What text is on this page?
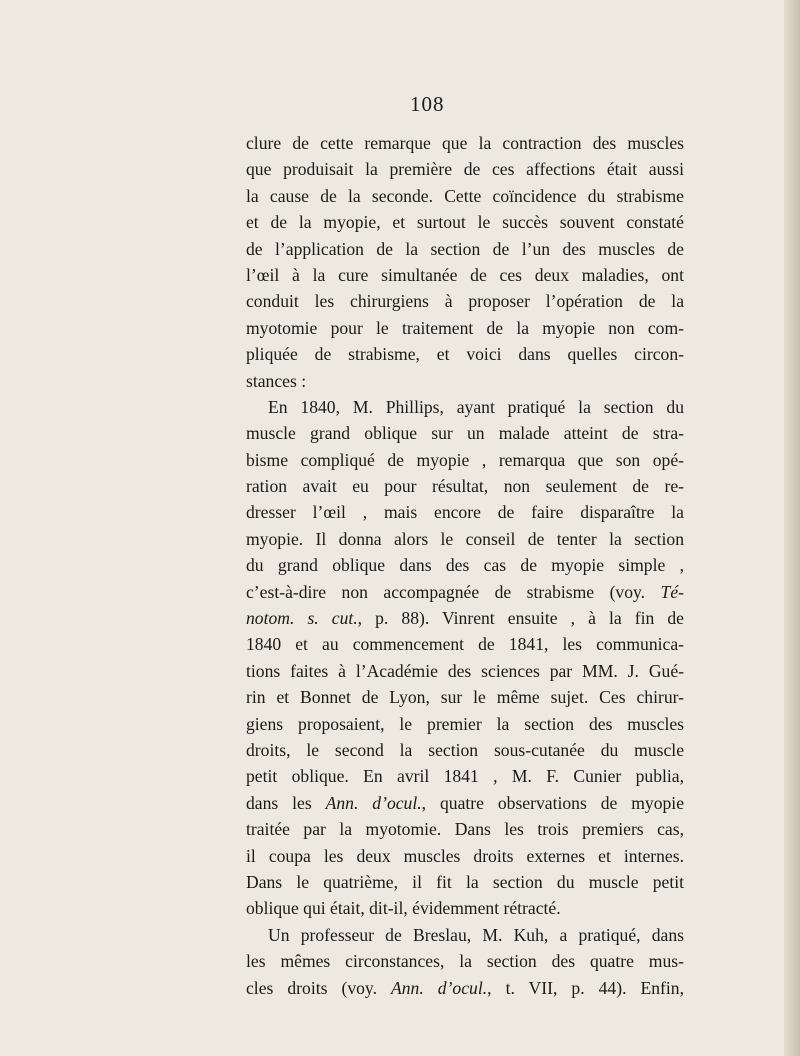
108
clure de cette remarque que la contraction des muscles
que produisait la première de ces affections était aussi
la cause de la seconde. Cette coïncidence du strabisme
et de la myopie, et surtout le succès souvent constaté
de l’application de la section de l’un des muscles de
l’œil à la cure simultanée de ces deux maladies, ont
conduit les chirurgiens à proposer l’opération de la
myotomie pour le traitement de la myopie non com-
pliquée de strabisme, et voici dans quelles circon-
stances :
En 1840, M. Phillips, ayant pratiqué la section du
muscle grand oblique sur un malade atteint de stra-
bisme compliqué de myopie , remarqua que son opé-
ration avait eu pour résultat, non seulement de re-
dresser l’œil , mais encore de faire disparaître la
myopie. Il donna alors le conseil de tenter la section
du grand oblique dans des cas de myopie simple ,
c’est-à-dire non accompagnée de strabisme (voy. Té-
notom. s. cut., p. 88). Vinrent ensuite , à la fin de
1840 et au commencement de 1841, les communica-
tions faites à l’Académie des sciences par MM. J. Gué-
rin et Bonnet de Lyon, sur le même sujet. Ces chirur-
giens proposaient, le premier la section des muscles
droits, le second la section sous-cutanée du muscle
petit oblique. En avril 1841 , M. F. Cunier publia,
dans les Ann. d’ocul., quatre observations de myopie
traitée par la myotomie. Dans les trois premiers cas,
il coupa les deux muscles droits externes et internes.
Dans le quatrième, il fit la section du muscle petit
oblique qui était, dit-il, évidemment rétracté.
Un professeur de Breslau, M. Kuh, a pratiqué, dans
les mêmes circonstances, la section des quatre mus-
cles droits (voy. Ann. d’ocul., t. VII, p. 44). Enfin,
